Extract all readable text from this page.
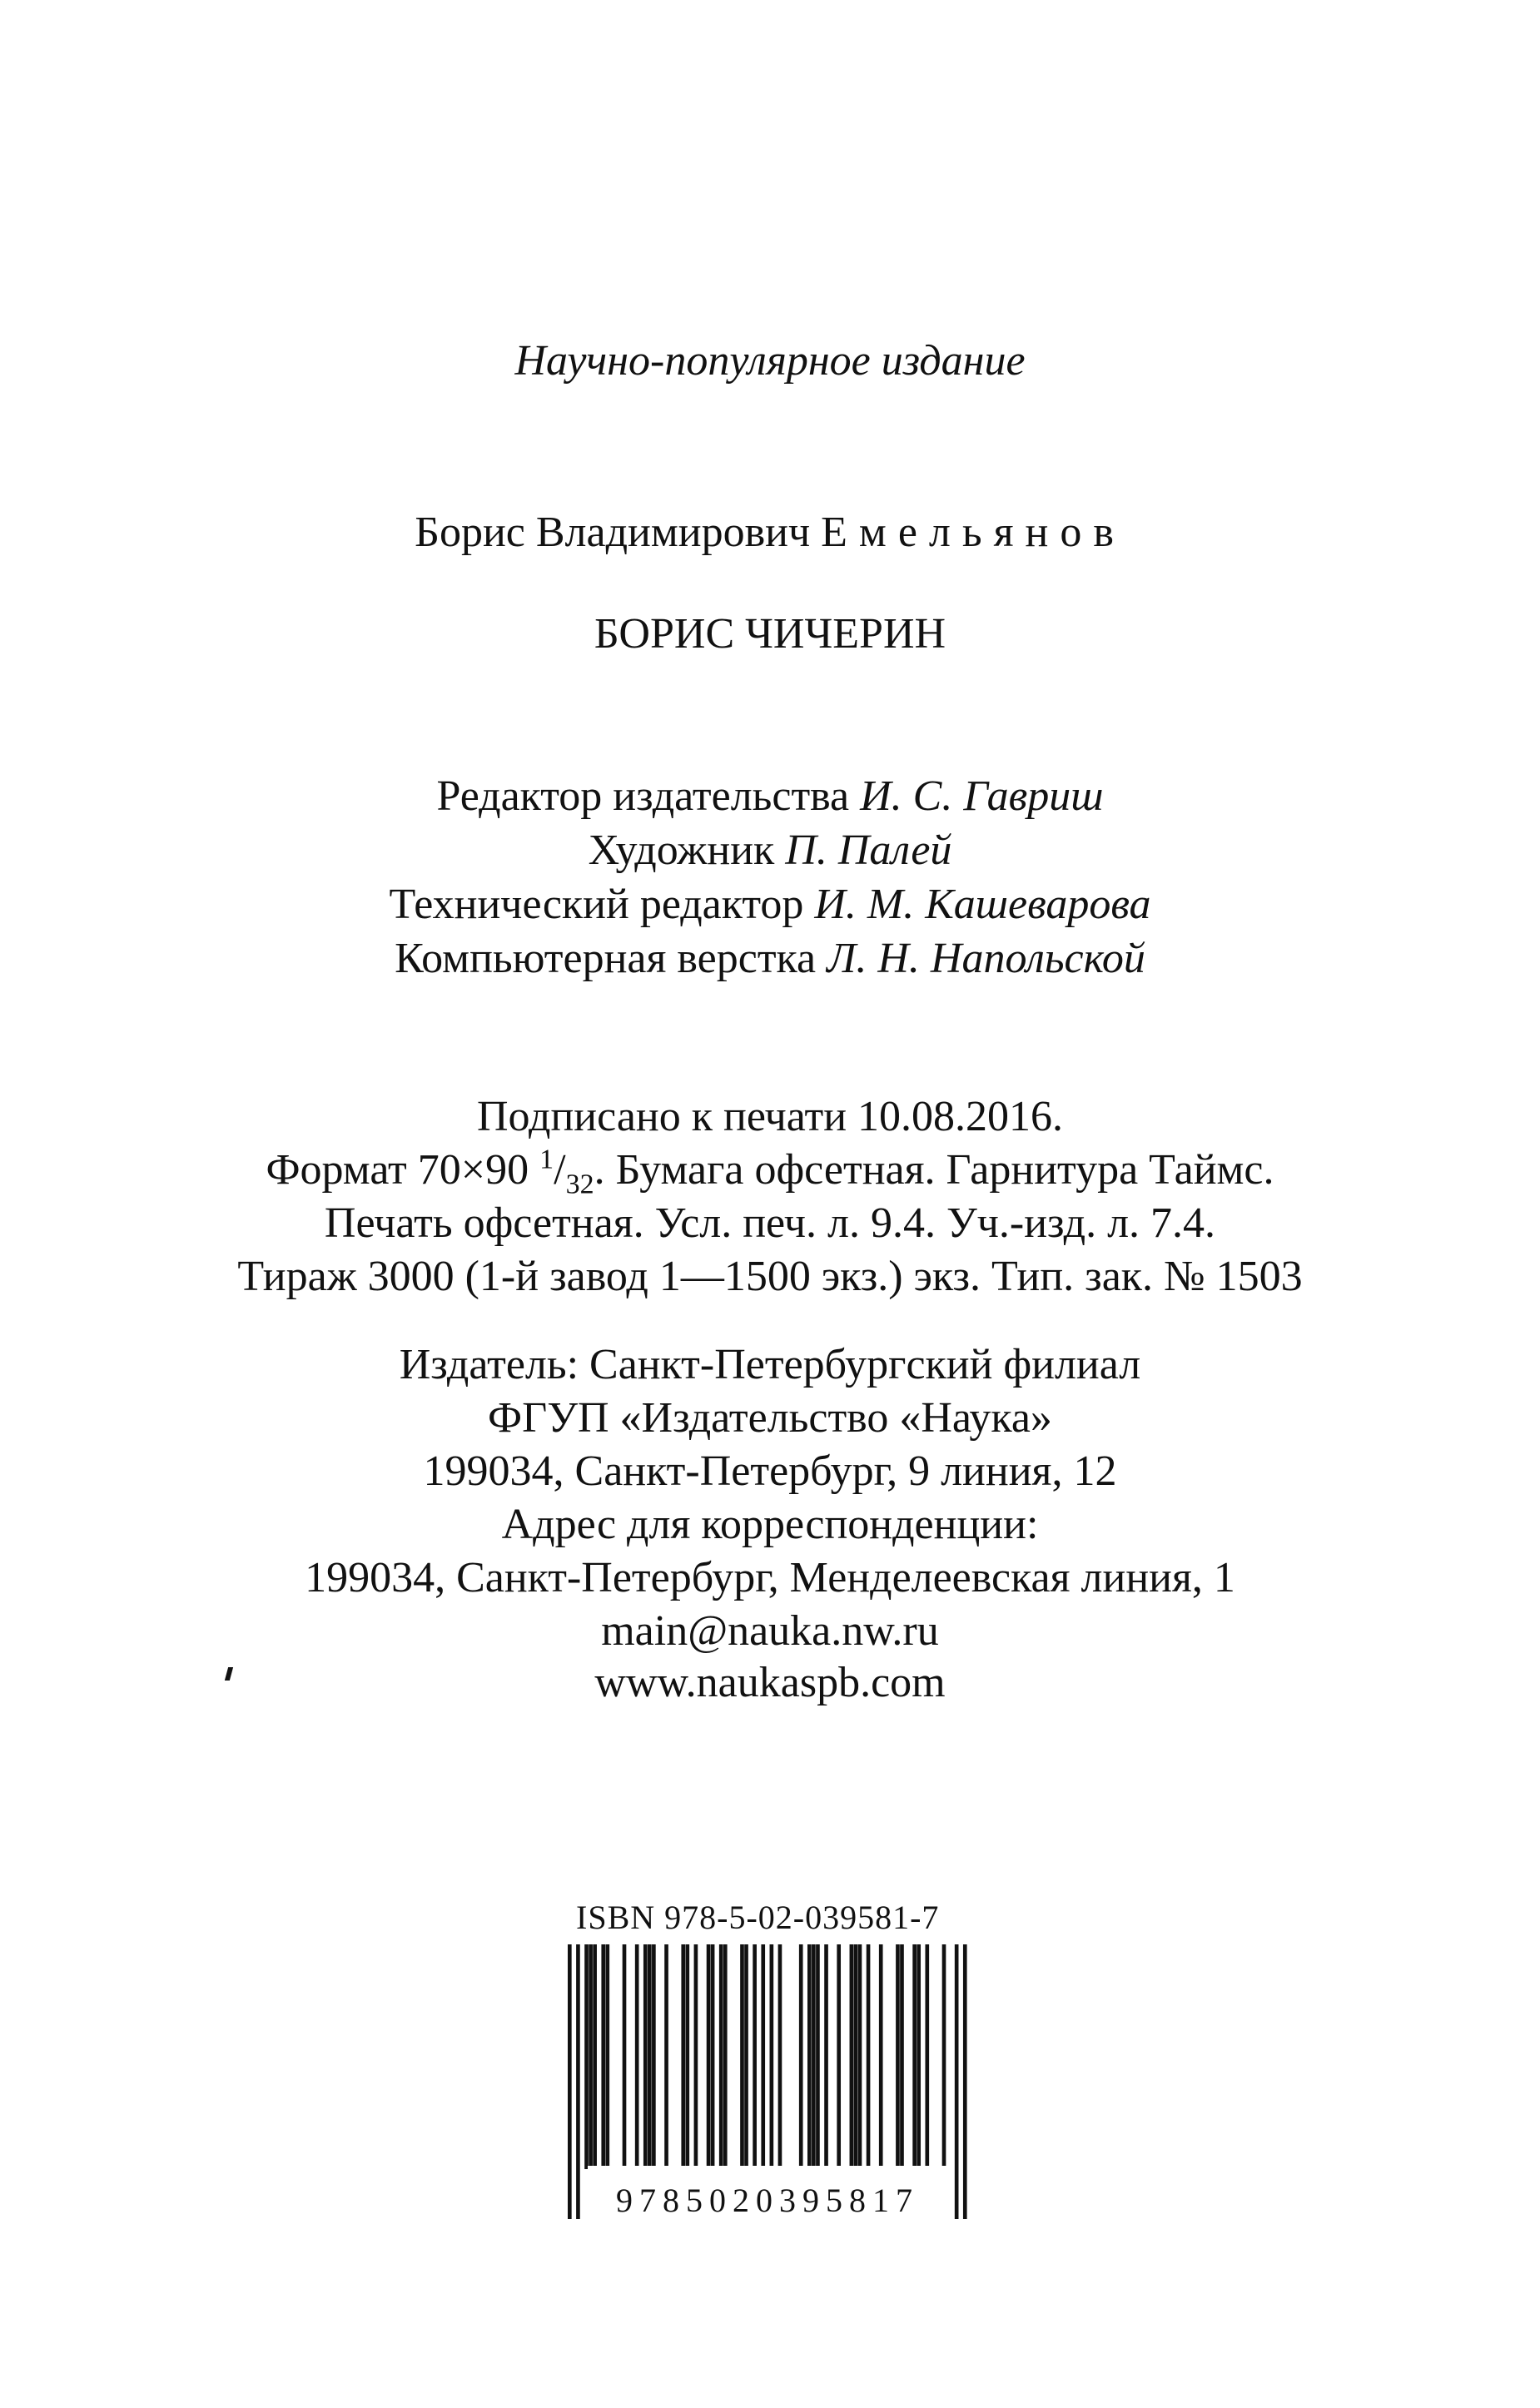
Научно-популярное издание
Борис Владимирович Емельянов
БОРИС ЧИЧЕРИН
Редактор издательства И. С. Гавриш
Художник П. Палей
Технический редактор И. М. Кашеварова
Компьютерная верстка Л. Н. Напольской
Подписано к печати 10.08.2016.
Формат 70×90 $^1/_{32}$. Бумага офсетная. Гарнитура Таймс.
Печать офсетная. Усл. печ. л. 9.4. Уч.-изд. л. 7.4.
Тираж 3000 (1-й завод 1—1500 экз.) экз. Тип. зак. № 1503
Издатель: Санкт-Петербургский филиал
ФГУП «Издательство «Наука»
199034, Санкт-Петербург, 9 линия, 12
Адрес для корреспонденции:
199034, Санкт-Петербург, Менделеевская линия, 1
main@nauka.nw.ru
www.naukaspb.com
ISBN 978-5-02-039581-7
9785020395817
